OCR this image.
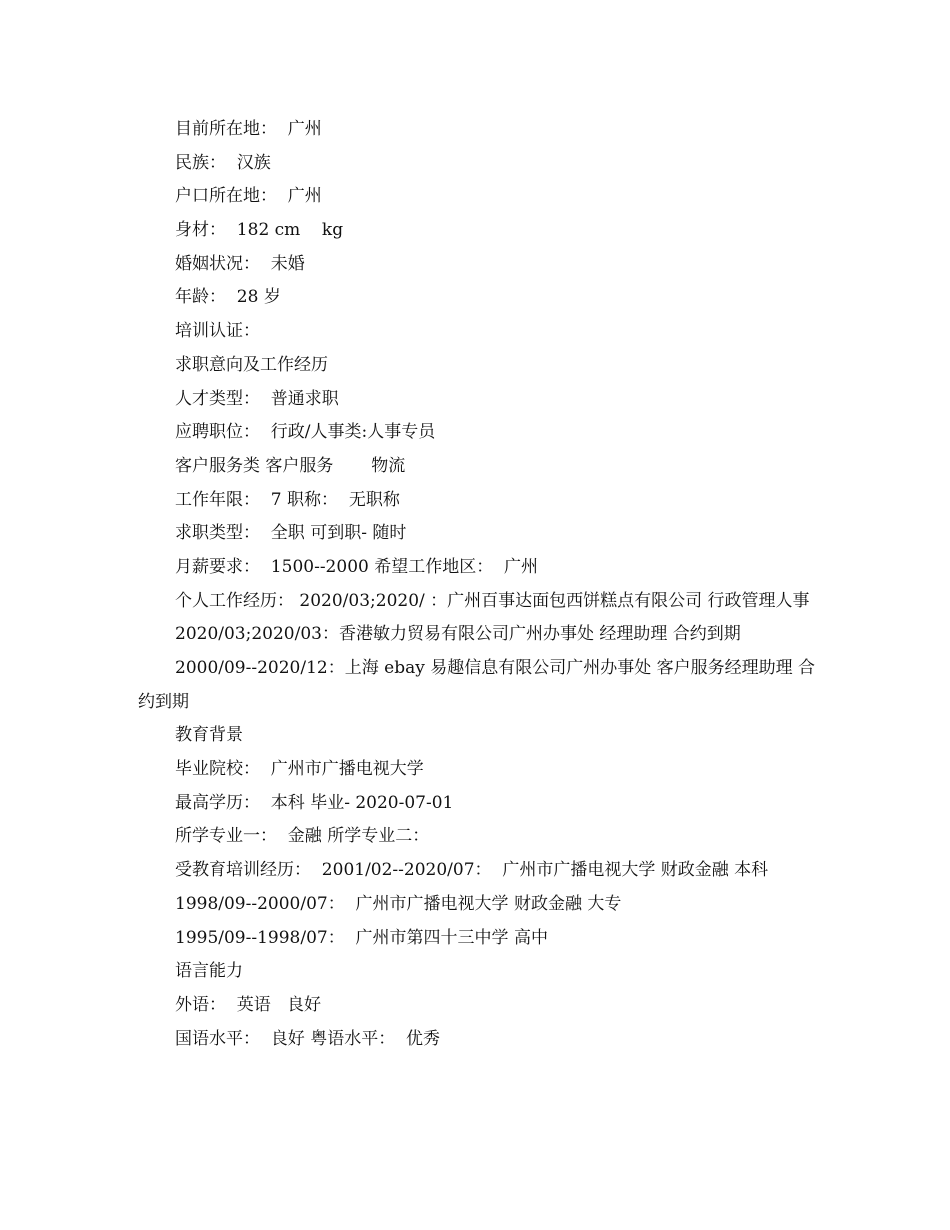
目前所在地：  广州
民族：  汉族
户口所在地：  广州
身材：  182 cm    kg
婚姻状况：  未婚
年龄：  28 岁
培训认证：
求职意向及工作经历
人才类型：  普通求职
应聘职位：  行政/人事类:人事专员
客户服务类 客户服务       物流
工作年限：  7 职称：  无职称
求职类型：  全职 可到职- 随时
月薪要求：  1500--2000 希望工作地区：  广州
个人工作经历： 2020/03;2020/ ：广州百事达面包西饼糕点有限公司 行政管理人事
2020/03;2020/03：香港敏力贸易有限公司广州办事处 经理助理 合约到期
2000/09--2020/12：上海 ebay 易趣信息有限公司广州办事处 客户服务经理助理 合约到期
教育背景
毕业院校：  广州市广播电视大学
最高学历：  本科 毕业- 2020-07-01
所学专业一：  金融 所学专业二：
受教育培训经历：  2001/02--2020/07：  广州市广播电视大学 财政金融 本科
1998/09--2000/07：  广州市广播电视大学 财政金融 大专
1995/09--1998/07：  广州市第四十三中学 高中
语言能力
外语：  英语   良好
国语水平：  良好 粤语水平：  优秀
